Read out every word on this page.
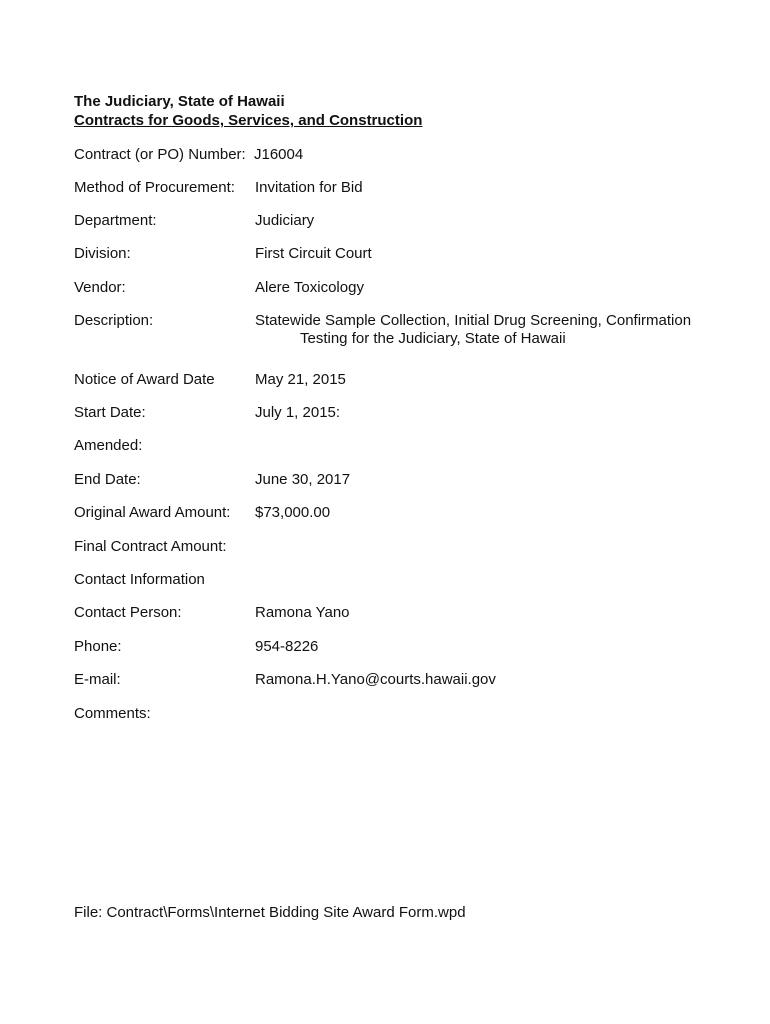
The Judiciary, State of Hawaii
Contracts for Goods, Services, and Construction
Contract (or PO) Number: J16004
Method of Procurement: Invitation for Bid
Department:	Judiciary
Division:	First Circuit Court
Vendor:	Alere Toxicology
Description:	Statewide Sample Collection, Initial Drug Screening, Confirmation
Testing for the Judiciary, State of Hawaii
Notice of Award Date	May 21, 2015
Start Date:	July 1, 2015:
Amended:
End Date:	June 30, 2017
Original Award Amount: $73,000.00
Final Contract Amount:
Contact Information
Contact Person:	Ramona Yano
Phone:	954-8226
E-mail:	Ramona.H.Yano@courts.hawaii.gov
Comments:
File: Contract\Forms\Internet Bidding Site Award Form.wpd
